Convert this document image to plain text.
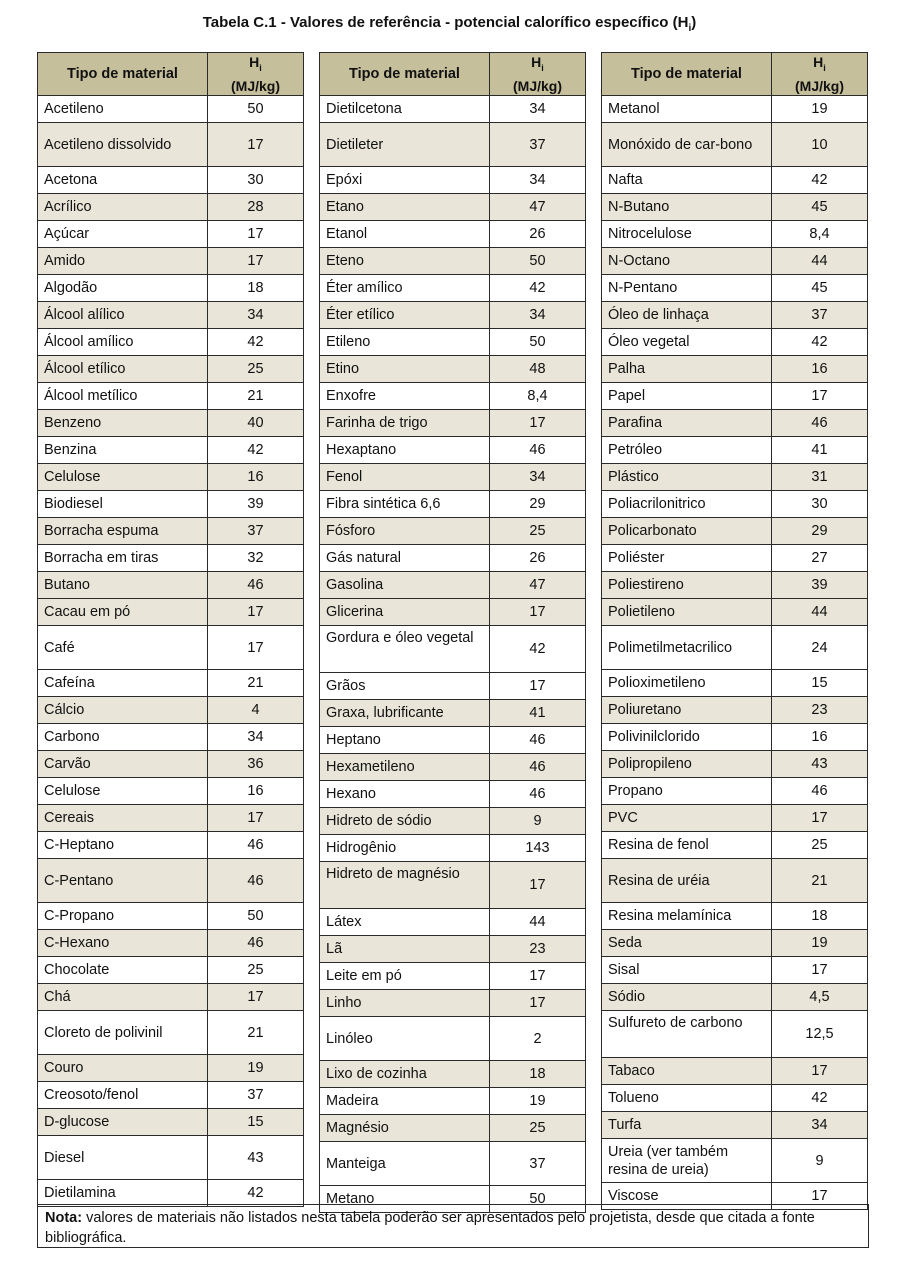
Tabela C.1 - Valores de referência - potencial calorífico específico $(H_i)$
Tipo de material	$H_i$
(MJ/kg)
Acetileno	50
Acetileno dissolvido	17
Acetona	30
Acrílico	28
Açúcar	17
Amido	17
Algodão	18
Álcool alílico	34
Álcool amílico	42
Álcool etílico	25
Álcool metílico	21
Benzeno	40
Benzina	42
Celulose	16
Biodiesel	39
Borracha espuma	37
Borracha em tiras	32
Butano	46
Cacau em pó	17
Café	17
Cafeína	21
Cálcio	4
Carbono	34
Carvão	36
Celulose	16
Cereais	17
C-Heptano	46
C-Pentano	46
C-Propano	50
C-Hexano	46
Chocolate	25
Chá	17
Cloreto de polivinil	21
Couro	19
Creosoto/fenol	37
D-glucose	15
Diesel	43
Dietilamina	42
Tipo de material	$H_i$
(MJ/kg)
Dietilcetona	34
Dietileter	37
Epóxi	34
Etano	47
Etanol	26
Eteno	50
Éter amílico	42
Éter etílico	34
Etileno	50
Etino	48
Enxofre	8,4
Farinha de trigo	17
Hexaptano	46
Fenol	34
Fibra sintética 6,6	29
Fósforo	25
Gás natural	26
Gasolina	47
Glicerina	17
Gordura e óleo vegetal	42
Grãos	17
Graxa, lubrificante	41
Heptano	46
Hexametileno	46
Hexano	46
Hidreto de sódio	9
Hidrogênio	143
Hidreto de magnésio	17
Látex	44
Lã	23
Leite em pó	17
Linho	17
Linóleo	2
Lixo de cozinha	18
Madeira	19
Magnésio	25
Manteiga	37
Metano	50
Tipo de material	$H_i$
(MJ/kg)
Metanol	19
Monóxido de car-bono	10
Nafta	42
N-Butano	45
Nitrocelulose	8,4
N-Octano	44
N-Pentano	45
Óleo de linhaça	37
Óleo vegetal	42
Palha	16
Papel	17
Parafina	46
Petróleo	41
Plástico	31
Poliacrilonitrico	30
Policarbonato	29
Poliéster	27
Poliestireno	39
Polietileno	44
Polimetilmetacrilico	24
Polioximetileno	15
Poliuretano	23
Polivinilclorido	16
Polipropileno	43
Propano	46
PVC	17
Resina de fenol	25
Resina de uréia	21
Resina melamínica	18
Seda	19
Sisal	17
Sódio	4,5
Sulfureto de carbono	12,5
Tabaco	17
Tolueno	42
Turfa	34
Ureia (ver também resina de ureia)	9
Viscose	17
Nota: valores de materiais não listados nesta tabela poderão ser apresentados pelo projetista, desde que citada a fonte bibliográfica.
